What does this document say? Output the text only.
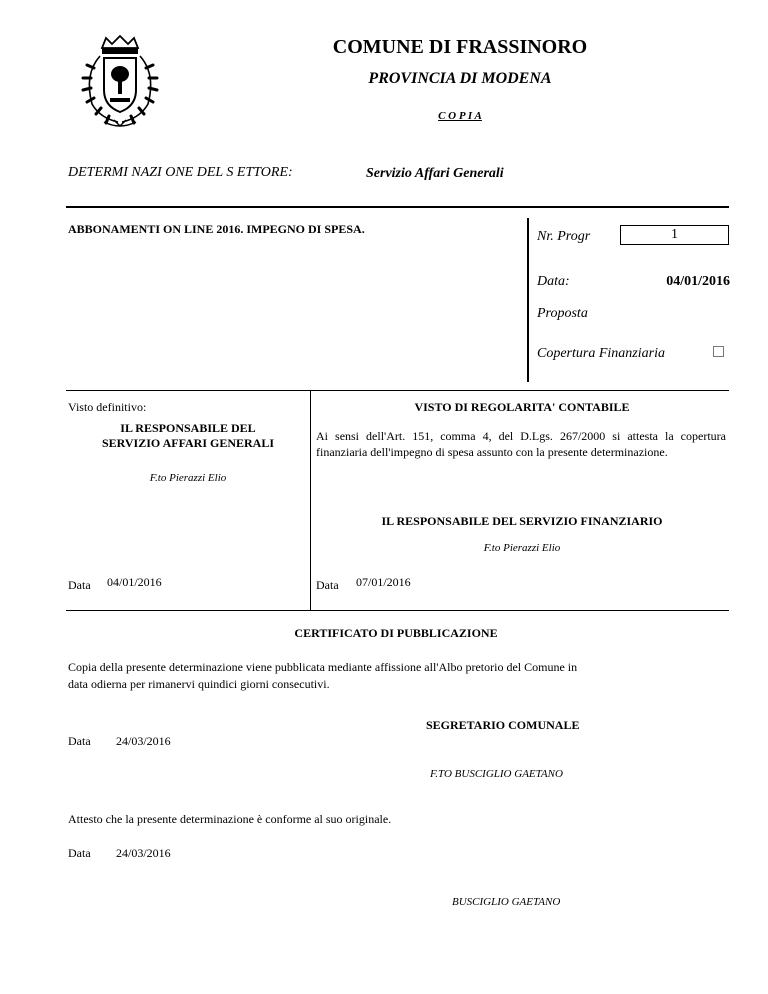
COMUNE DI FRASSINORO
PROVINCIA DI MODENA
C O P I A
DETERMI NAZI ONE DEL S ETTORE:	Servizio Affari Generali
ABBONAMENTI ON LINE 2016. IMPEGNO DI SPESA.	Nr. Progr	1
Data:	04/01/2016
Proposta
Copertura Finanziaria
Visto definitivo:
IL RESPONSABILE DEL
SERVIZIO AFFARI GENERALI
F.to Pierazzi Elio
Data 04/01/2016
VISTO DI REGOLARITA' CONTABILE
Ai sensi dell'Art. 151, comma 4, del D.Lgs. 267/2000 si attesta la copertura finanziaria dell'impegno di spesa assunto con la presente determinazione.
IL RESPONSABILE DEL SERVIZIO FINANZIARIO
F.to Pierazzi Elio
Data 07/01/2016
CERTIFICATO DI PUBBLICAZIONE
Copia della presente determinazione viene pubblicata mediante affissione all'Albo pretorio del Comune in
data odierna per rimanervi quindici giorni consecutivi.
SEGRETARIO COMUNALE
Data 24/03/2016
F.TO BUSCIGLIO GAETANO
Attesto che la presente determinazione è conforme al suo originale.
Data 24/03/2016
BUSCIGLIO GAETANO
